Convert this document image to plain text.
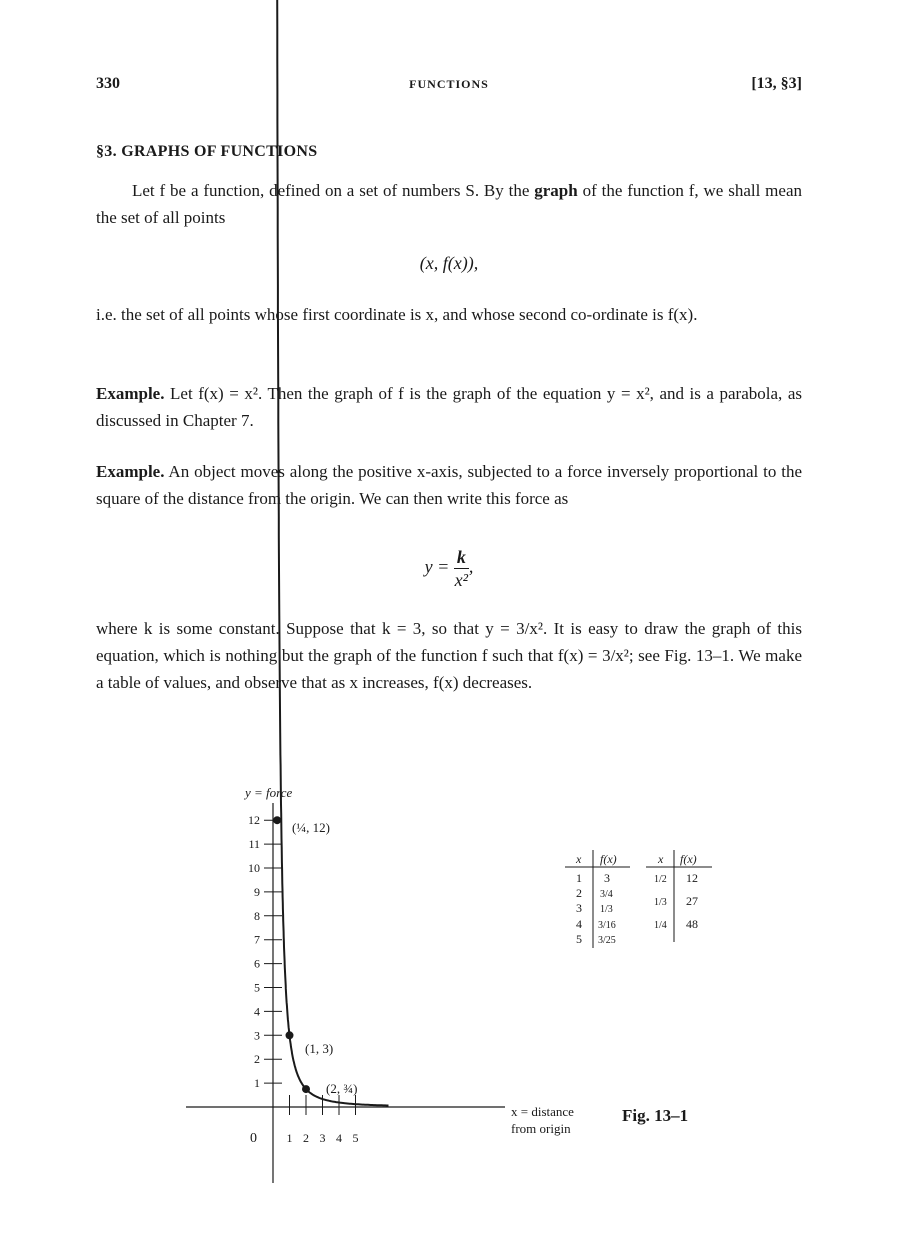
330	FUNCTIONS	[13, §3]
§3. GRAPHS OF FUNCTIONS
Let f be a function, defined on a set of numbers S. By the graph of the function f, we shall mean the set of all points
(x, f(x)),
i.e. the set of all points whose first coordinate is x, and whose second co-ordinate is f(x).
Example. Let f(x) = x². Then the graph of f is the graph of the equation y = x², and is a parabola, as discussed in Chapter 7.
Example. An object moves along the positive x-axis, subjected to a force inversely proportional to the square of the distance from the origin. We can then write this force as
$y = \frac{k}{\text{x²}}$ ,
where k is some constant. Suppose that k = 3, so that y = 3/x². It is easy to draw the graph of this equation, which is nothing but the graph of the function f such that f(x) = 3/x²; see Fig. 13–1. We make a table of values, and observe that as x increases, f(x) decreases.
1
2
3
4
5
6
7
8
9
10
11
12
1 2 3 4 5
y = force
0
x = distance
from origin
Fig. 13–1
(¼, 12)
(1, 3)
(2, ¾)
x f(x)	x f(x)
1 3
2 3/4
3 1/3
4 3/16
5 3/25
1/2 12
1/3 27
1/4 48
